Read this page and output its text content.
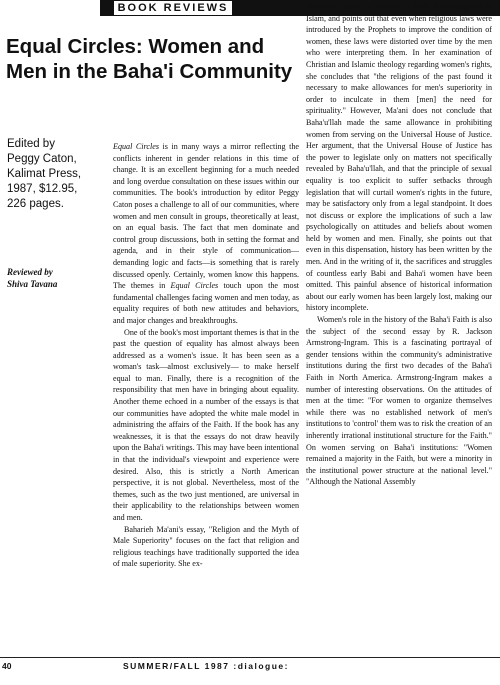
BOOK REVIEWS
Equal Circles: Women and Men in the Baha'i Community
Edited by
Peggy Caton,
Kalimat Press,
1987, $12.95,
226 pages.
Reviewed by
Shiva Tavana

Equal Circles is in many ways a mirror reflecting the conflicts inherent in gender relations in this time of change. It is an excellent beginning for a much needed and long overdue consultation on these issues within our communities. The book's introduction by editor Peggy Caton poses a challenge to all of our communities, where women and men consult in groups, theoretically at least, on an equal basis. The fact that men dominate and control group discussions, both in setting the format and agenda, and in their style of communication— demanding logic and facts—is something that is rarely discussed openly. Certainly, women know this happens. The themes in Equal Circles touch upon the most fundamental challenges facing women and men today, as equality requires of both new attitudes and behaviors, and major changes and breakthroughs.

One of the book's most important themes is that in the past the question of equality has almost always been addressed as a women's issue. It has been seen as a woman's task—almost exclusively— to make herself equal to man. Finally, there is a recognition of the responsibility that men have in bringing about equality. Another theme echoed in a number of the essays is that our communities have adopted the white male model in administring the affairs of the Faith. If the book has any weaknesses, it is that the essays do not draw heavily upon the Baha'i writings. This may have been intentional in that the individual's viewpoint and experience were desired. Also, this is strictly a North American perspective, it is not global. Nevertheless, most of the themes, such as the two just mentioned, are universal in their applicability to the relationships between women and men.

Baharieh Ma'ani's essay, "Religion and the Myth of Male Superiority" focuses on the fact that religion and religious teachings have traditionally supported the idea of male superiority. She ex-

plores the history of women in Biblical teaching and in Islam, and points out that even when religious laws were introduced by the Prophets to improve the condition of women, these laws were distorted over time by the men who were interpreting them. In her examination of Christian and Islamic theology regarding women's rights, she concludes that "the religions of the past found it necessary to make allowances for men's superiority in order to inculcate in them [men] the need for spirituality." However, Ma'ani does not conclude that Baha'u'llah made the same allowance in prohibiting women from serving on the Universal House of Justice. Her argument, that the Universal House of Justice has the power to legislate only on matters not specifically revealed by Baha'u'llah, and that the principle of sexual equality is too explicit to suffer setbacks through legislation that will curtail women's rights in the future, may be satisfactory only from a legal standpoint. It does not discuss or explore the implications of such a law psychologically on attitudes and beliefs about women held by women and men. Finally, she points out that even in this dispensation, history has been written by the men. And in the writing of it, the sacrifices and struggles of countless early Babi and Baha'i women have been omitted. This painful absence of historical information about our early women has been largely lost, making our history incomplete.

Women's role in the history of the Baha'i Faith is also the subject of the second essay by R. Jackson Armstrong-Ingram. This is a fascinating portrayal of gender tensions within the community's administrative institutions during the first two decades of the Baha'i Faith in North America. Armstrong-Ingram makes a number of interesting observations. On the attitudes of men at the time: "For women to organize themselves while there was no established network of men's institutions to 'control' them was to risk the creation of an inherently irrational institutional structure for the Faith." On women serving on Baha'i institutions: "Women remained a majority in the Faith, but were a minority in the institutional power structure at the national level." "Although the National Assembly

40	SUMMER/FALL 1987 :dialogue:
